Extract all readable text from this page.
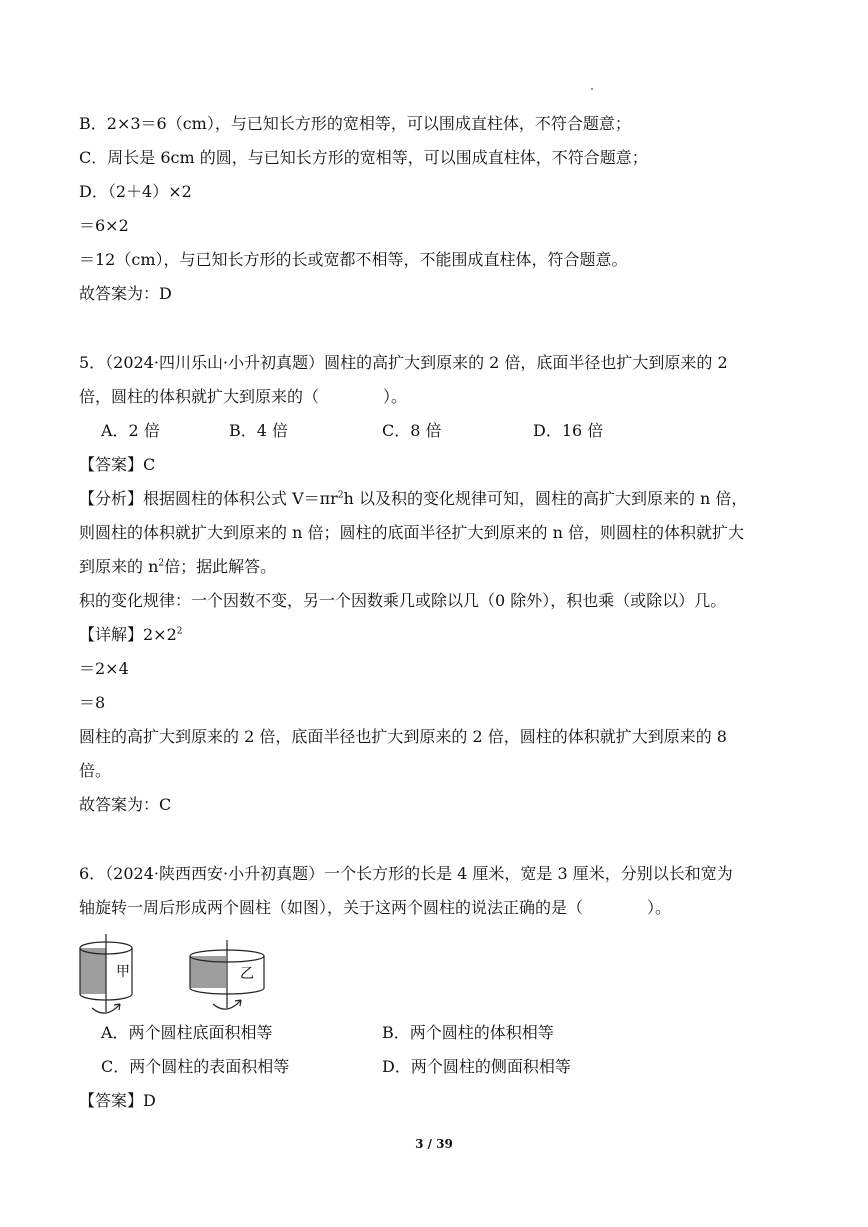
B．2×3＝6（cm），与已知长方形的宽相等，可以围成直柱体，不符合题意；
C．周长是 6cm 的圆，与已知长方形的宽相等，可以围成直柱体，不符合题意；
D．（2＋4）×2
＝6×2
＝12（cm），与已知长方形的长或宽都不相等，不能围成直柱体，符合题意。
故答案为：D
5．（2024·四川乐山·小升初真题）圆柱的高扩大到原来的 2 倍，底面半径也扩大到原来的 2
倍，圆柱的体积就扩大到原来的（　　　　）。
A．2 倍	B．4 倍	C．8 倍	D．16 倍
【答案】C
【分析】根据圆柱的体积公式 $V=\pi r^2h$ 以及积的变化规律可知，圆柱的高扩大到原来的 n 倍，
则圆柱的体积就扩大到原来的 n 倍；圆柱的底面半径扩大到原来的 n 倍，则圆柱的体积就扩大
到原来的 $n^2$倍；据此解答。
积的变化规律：一个因数不变，另一个因数乘几或除以几（0 除外），积也乘（或除以）几。
【详解】$2\times 2^2$
＝2×4
＝8
圆柱的高扩大到原来的 2 倍，底面半径也扩大到原来的 2 倍，圆柱的体积就扩大到原来的 8
倍。
故答案为：C
6．（2024·陕西西安·小升初真题）一个长方形的长是 4 厘米，宽是 3 厘米，分别以长和宽为
轴旋转一周后形成两个圆柱（如图），关于这两个圆柱的说法正确的是（　　　　）。
甲	乙
A．两个圆柱底面积相等	B．两个圆柱的体积相等
C．两个圆柱的表面积相等	D．两个圆柱的侧面积相等
【答案】D
3 / 39
